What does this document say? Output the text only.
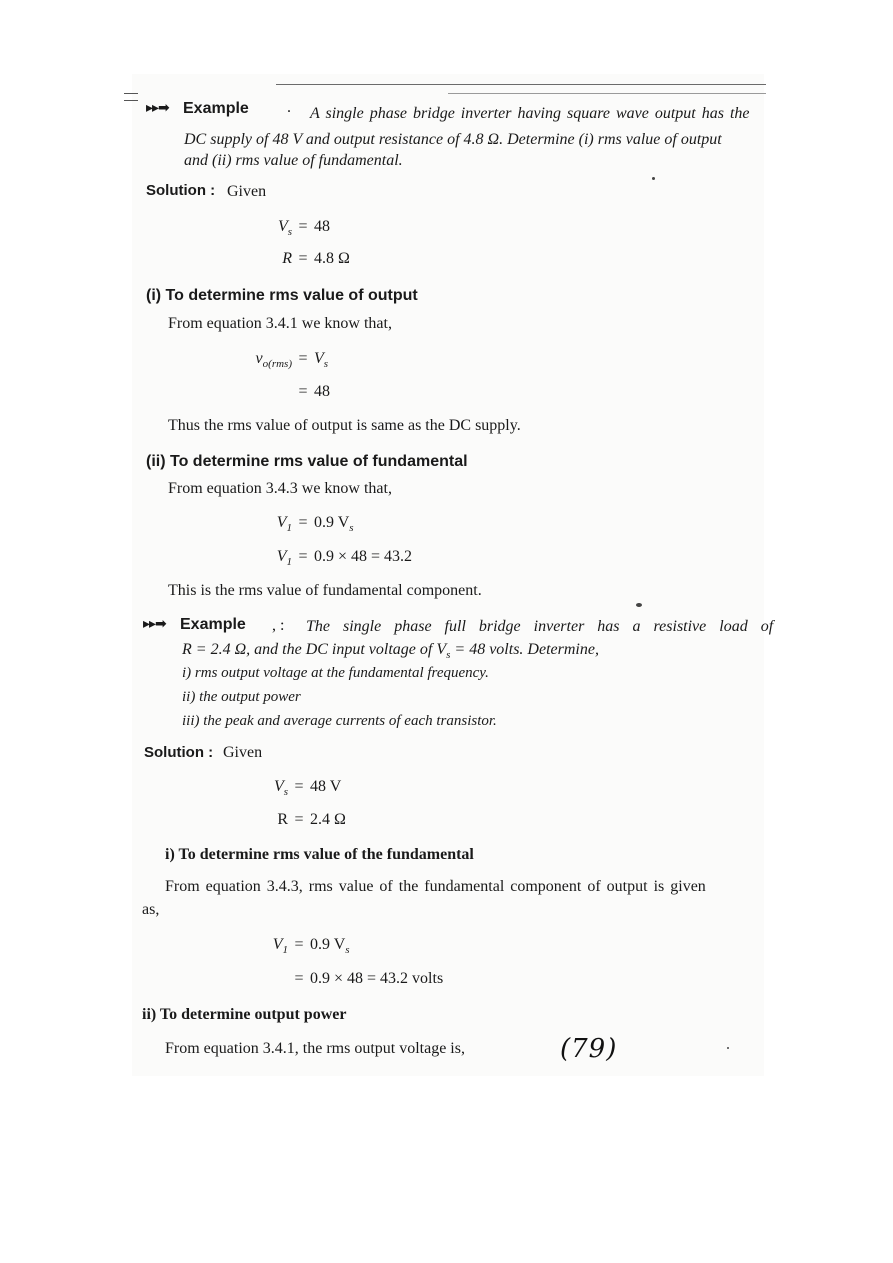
▸▸➡ Example . A single phase bridge inverter having square wave output has the
DC supply of 48 V and output resistance of 4.8 Ω. Determine (i) rms value of output
and (ii) rms value of fundamental.
Solution : Given
$V_s = 48$
R = 4.8 Ω
(i) To determine rms value of output
From equation 3.4.1 we know that,
$v_{o(rms)} = V_s$
= 48
Thus the rms value of output is same as the DC supply.
(ii) To determine rms value of fundamental
From equation 3.4.3 we know that,
$V_1 = 0.9$ $V_s$
$V_1 = 0.9 \times 48 = 43.2$
This is the rms value of fundamental component.
▸▸➡ Example , : The single phase full bridge inverter has a resistive load of
R = 2.4 Ω, and the DC input voltage of $V_s = 48$ volts. Determine,
i) rms output voltage at the fundamental frequency.
ii) the output power
iii) the peak and average currents of each transistor.
Solution : Given
$V_s = 48$ V
R = 2.4 Ω
i) To determine rms value of the fundamental
From equation 3.4.3, rms value of the fundamental component of output is given
as,
$V_1 = 0.9$ $V_s$
= 0.9 × 48 = 43.2 volts
ii) To determine output power
From equation 3.4.1, the rms output voltage is,	(79)
